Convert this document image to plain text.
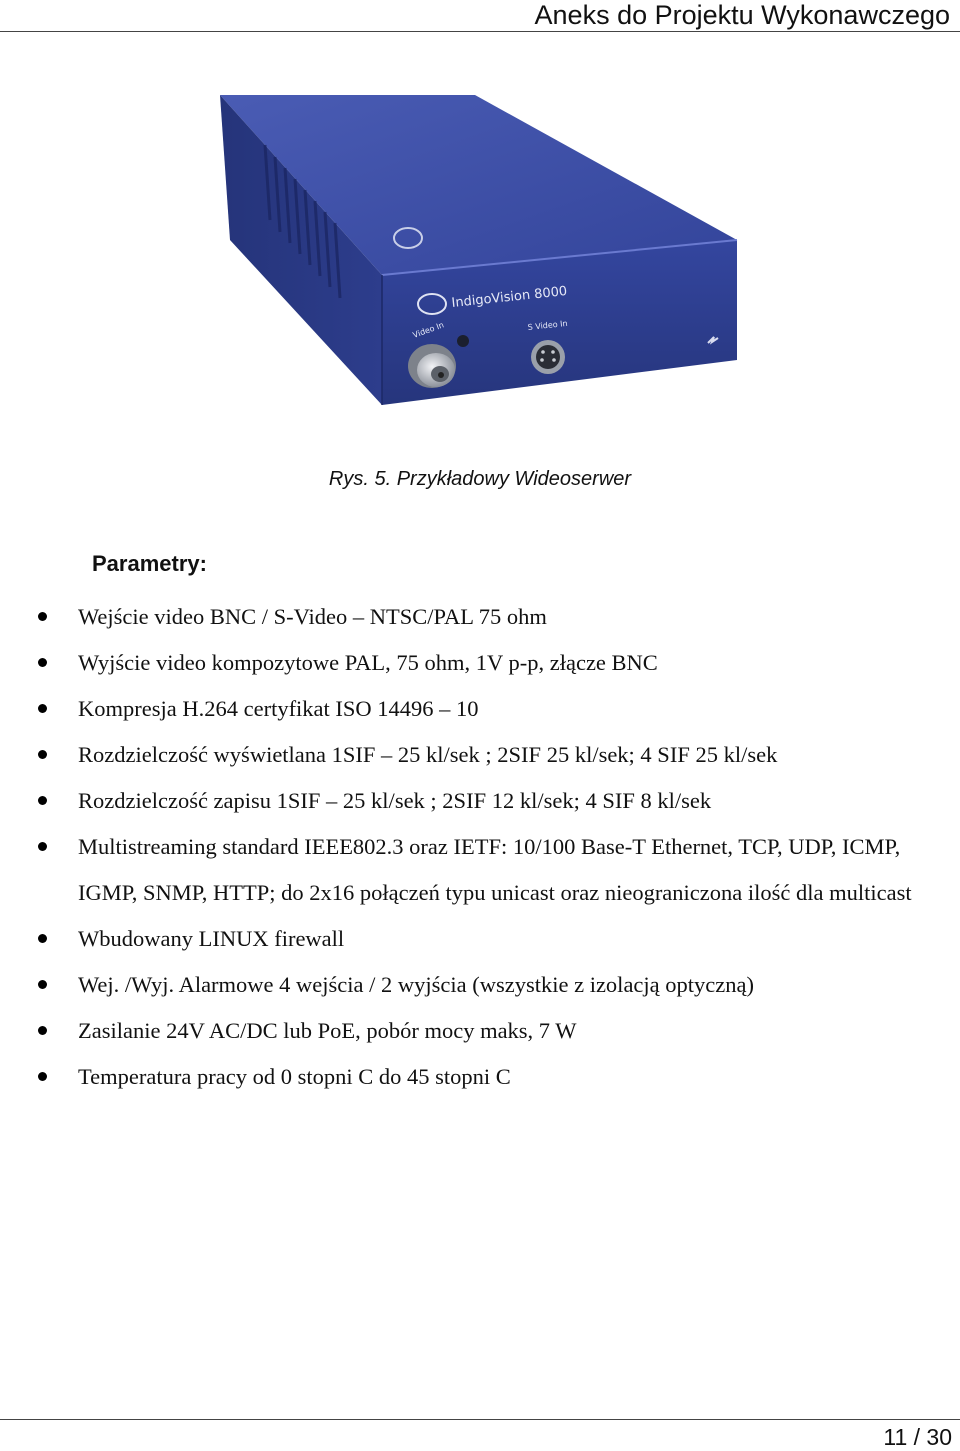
Aneks do Projektu Wykonawczego
IndigoVision 8000
Video In	S Video In
Rys. 5. Przykładowy Wideoserwer
Parametry:
Wejście video BNC / S-Video – NTSC/PAL 75 ohm
Wyjście video kompozytowe PAL, 75 ohm, 1V p-p, złącze BNC
Kompresja H.264 certyfikat ISO 14496 – 10
Rozdzielczość wyświetlana 1SIF – 25 kl/sek ; 2SIF 25 kl/sek; 4 SIF 25 kl/sek
Rozdzielczość zapisu 1SIF – 25 kl/sek ; 2SIF 12 kl/sek; 4 SIF 8 kl/sek
Multistreaming standard IEEE802.3 oraz IETF: 10/100 Base-T Ethernet, TCP, UDP, ICMP, IGMP, SNMP, HTTP; do 2x16 połączeń typu unicast oraz nieograniczona ilość dla multicast
Wbudowany LINUX firewall
Wej. /Wyj. Alarmowe 4 wejścia / 2 wyjścia (wszystkie z izolacją optyczną)
Zasilanie 24V AC/DC lub PoE, pobór mocy maks, 7 W
Temperatura pracy od 0 stopni C do 45 stopni C
11 / 30
